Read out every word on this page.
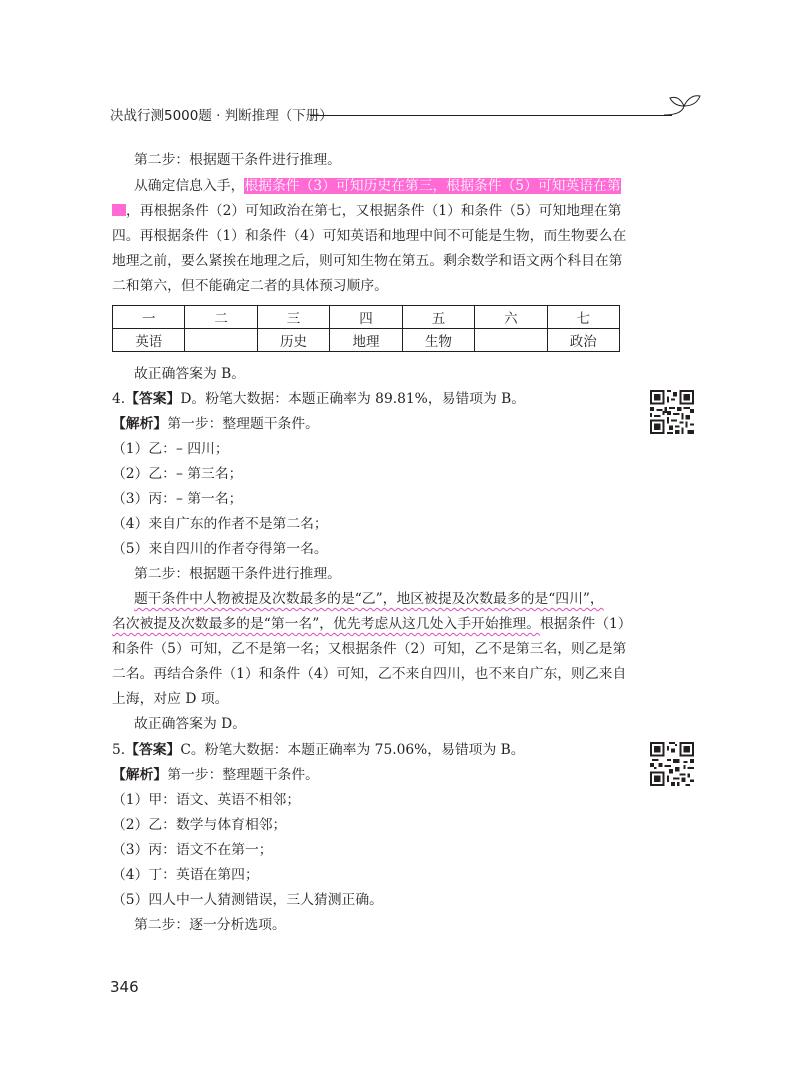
决战行测5000题 · 判断推理（下册）
第二步：根据题干条件进行推理。
从确定信息入手，根据条件（3）可知历史在第三，根据条件（5）可知英语在第
，再根据条件（2）可知政治在第七，又根据条件（1）和条件（5）可知地理在第
四。再根据条件（1）和条件（4）可知英语和地理中间不可能是生物，而生物要么在
地理之前，要么紧挨在地理之后，则可知生物在第五。剩余数学和语文两个科目在第
二和第六，但不能确定二者的具体预习顺序。
一	二	三	四	五	六	七
英语		历史	地理	生物		政治
故正确答案为 B。
4.【答案】D。粉笔大数据：本题正确率为 89.81%，易错项为 B。
【解析】第一步：整理题干条件。
（1）乙：– 四川；
（2）乙：– 第三名；
（3）丙：– 第一名；
（4）来自广东的作者不是第二名；
（5）来自四川的作者夺得第一名。
第二步：根据题干条件进行推理。
题干条件中人物被提及次数最多的是“乙”，地区被提及次数最多的是“四川”，
名次被提及次数最多的是“第一名”，优先考虑从这几处入手开始推理。根据条件（1）
和条件（5）可知，乙不是第一名；又根据条件（2）可知，乙不是第三名，则乙是第
二名。再结合条件（1）和条件（4）可知，乙不来自四川，也不来自广东，则乙来自
上海，对应 D 项。
故正确答案为 D。
5.【答案】C。粉笔大数据：本题正确率为 75.06%，易错项为 B。
【解析】第一步：整理题干条件。
（1）甲：语文、英语不相邻；
（2）乙：数学与体育相邻；
（3）丙：语文不在第一；
（4）丁：英语在第四；
（5）四人中一人猜测错误，三人猜测正确。
第二步：逐一分析选项。
346
